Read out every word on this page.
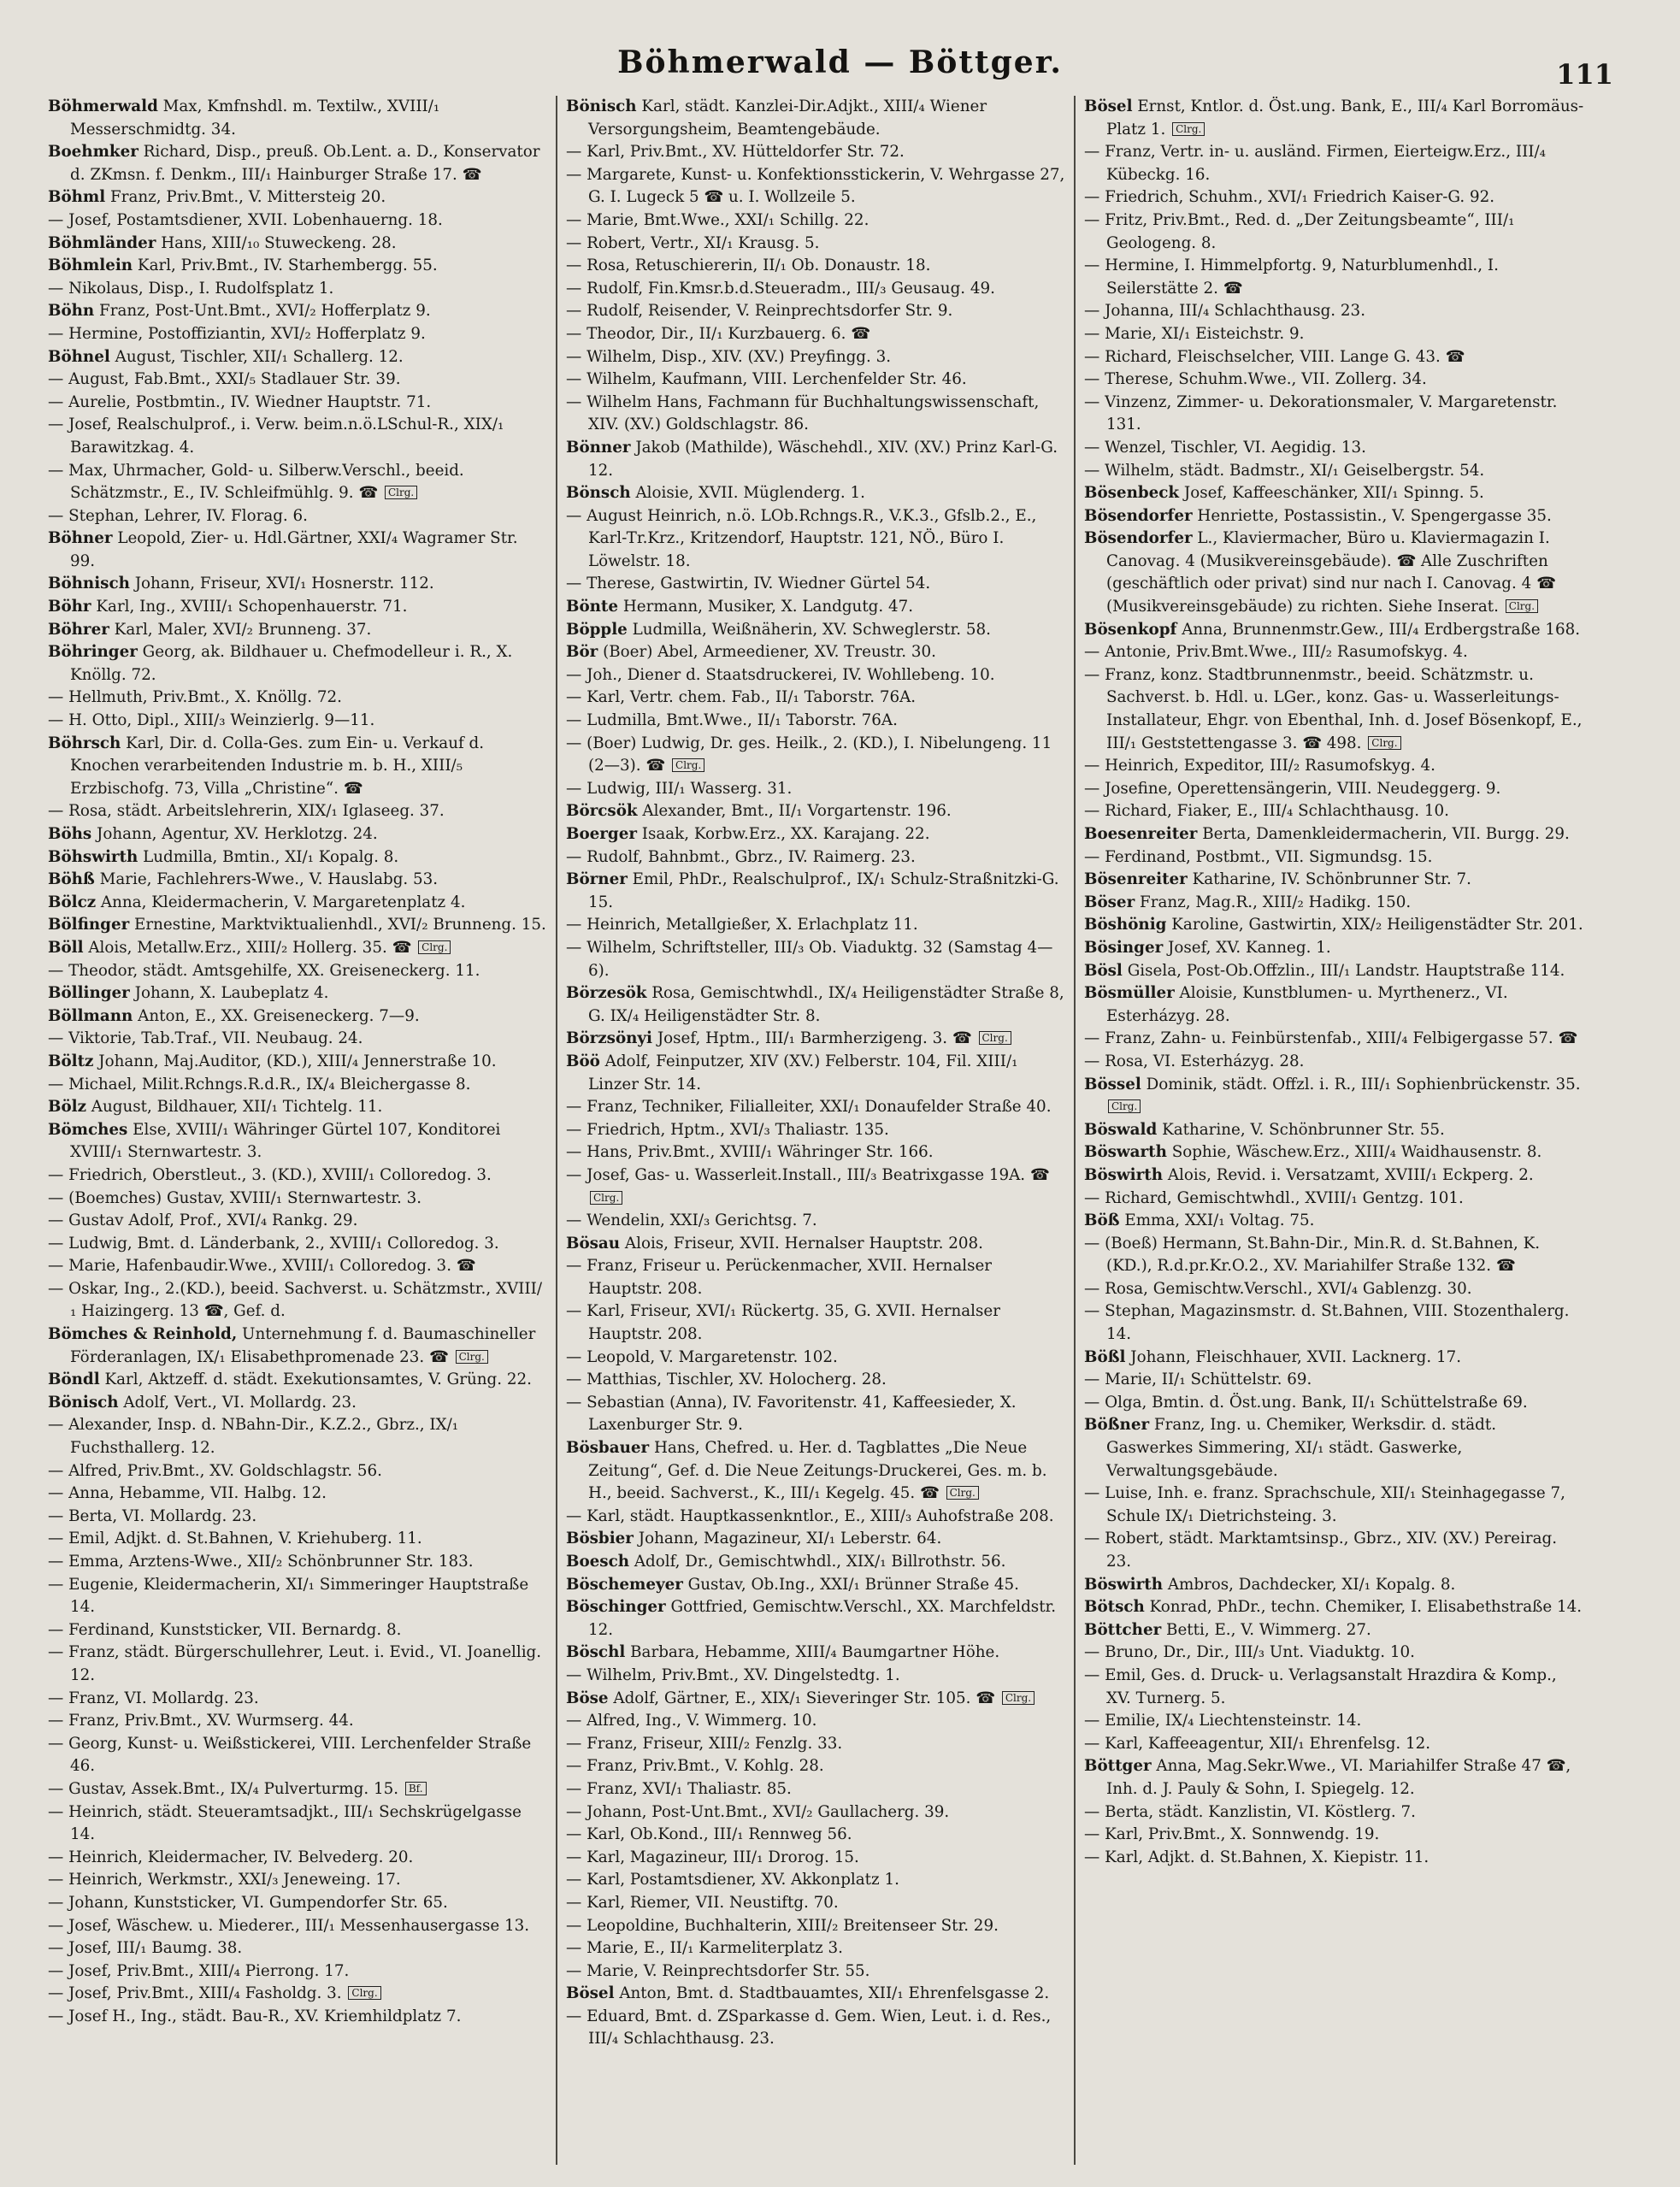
Böhmerwald — Böttger.	111

Böhmerwald Max, Kmfnshdl. m. Textilw., XVIII/₁ Messerschmidtg. 34.

Boehmker Richard, Disp., preuß. Ob.Lent. a. D., Konservator d. ZKmsn. f. Denkm., III/₁ Hainburger Straße 17. ☎

Böhml Franz, Priv.Bmt., V. Mittersteig 20.

— Josef, Postamtsdiener, XVII. Lobenhauerng. 18.

Böhmländer Hans, XIII/₁₀ Stuweckeng. 28.

Böhmlein Karl, Priv.Bmt., IV. Starhembergg. 55.

— Nikolaus, Disp., I. Rudolfsplatz 1.

Böhn Franz, Post-Unt.Bmt., XVI/₂ Hofferplatz 9.

— Hermine, Postoffiziantin, XVI/₂ Hofferplatz 9.

Böhnel August, Tischler, XII/₁ Schallerg. 12.

— August, Fab.Bmt., XXI/₅ Stadlauer Str. 39.

— Aurelie, Postbmtin., IV. Wiedner Hauptstr. 71.

— Josef, Realschulprof., i. Verw. beim.n.ö.LSchul-R., XIX/₁ Barawitzkag. 4.

— Max, Uhrmacher, Gold- u. Silberw.Verschl., beeid. Schätzmstr., E., IV. Schleifmühlg. 9. ☎ Clrg.

— Stephan, Lehrer, IV. Florag. 6.

Böhner Leopold, Zier- u. Hdl.Gärtner, XXI/₄ Wagramer Str. 99.

Böhnisch Johann, Friseur, XVI/₁ Hosnerstr. 112.

Böhr Karl, Ing., XVIII/₁ Schopenhauerstr. 71.

Böhrer Karl, Maler, XVI/₂ Brunneng. 37.

Böhringer Georg, ak. Bildhauer u. Chefmodelleur i. R., X. Knöllg. 72.

— Hellmuth, Priv.Bmt., X. Knöllg. 72.

— H. Otto, Dipl., XIII/₃ Weinzierlg. 9—11.

Böhrsch Karl, Dir. d. Colla-Ges. zum Ein- u. Verkauf d. Knochen verarbeitenden Industrie m. b. H., XIII/₅ Erzbischofg. 73, Villa „Christine“. ☎

— Rosa, städt. Arbeitslehrerin, XIX/₁ Iglaseeg. 37.

Böhs Johann, Agentur, XV. Herklotzg. 24.

Böhswirth Ludmilla, Bmtin., XI/₁ Kopalg. 8.

Böhß Marie, Fachlehrers-Wwe., V. Hauslabg. 53.

Bölcz Anna, Kleidermacherin, V. Margaretenplatz 4.

Bölfinger Ernestine, Marktviktualienhdl., XVI/₂ Brunneng. 15.

Böll Alois, Metallw.Erz., XIII/₂ Hollerg. 35. ☎ Clrg.

— Theodor, städt. Amtsgehilfe, XX. Greiseneckerg. 11.

Böllinger Johann, X. Laubeplatz 4.

Böllmann Anton, E., XX. Greiseneckerg. 7—9.

— Viktorie, Tab.Traf., VII. Neubaug. 24.

Böltz Johann, Maj.Auditor, (KD.), XIII/₄ Jennerstraße 10.

— Michael, Milit.Rchngs.R.d.R., IX/₄ Bleichergasse 8.

Bölz August, Bildhauer, XII/₁ Tichtelg. 11.

Bömches Else, XVIII/₁ Währinger Gürtel 107, Konditorei XVIII/₁ Sternwartestr. 3.

— Friedrich, Oberstleut., 3. (KD.), XVIII/₁ Colloredog. 3.

— (Boemches) Gustav, XVIII/₁ Sternwartestr. 3.

— Gustav Adolf, Prof., XVI/₄ Rankg. 29.

— Ludwig, Bmt. d. Länderbank, 2., XVIII/₁ Colloredog. 3.

— Marie, Hafenbaudir.Wwe., XVIII/₁ Colloredog. 3. ☎

— Oskar, Ing., 2.(KD.), beeid. Sachverst. u. Schätzmstr., XVIII/₁ Haizingerg. 13 ☎, Gef. d.

Bömches & Reinhold, Unternehmung f. d. Baumaschineller Förderanlagen, IX/₁ Elisabethpromenade 23. ☎ Clrg.

Böndl Karl, Aktzeff. d. städt. Exekutionsamtes, V. Grüng. 22.

Bönisch Adolf, Vert., VI. Mollardg. 23.

— Alexander, Insp. d. NBahn-Dir., K.Z.2., Gbrz., IX/₁ Fuchsthallerg. 12.

— Alfred, Priv.Bmt., XV. Goldschlagstr. 56.

— Anna, Hebamme, VII. Halbg. 12.

— Berta, VI. Mollardg. 23.

— Emil, Adjkt. d. St.Bahnen, V. Kriehuberg. 11.

— Emma, Arztens-Wwe., XII/₂ Schönbrunner Str. 183.

— Eugenie, Kleidermacherin, XI/₁ Simmeringer Hauptstraße 14.

— Ferdinand, Kunststicker, VII. Bernardg. 8.

— Franz, städt. Bürgerschullehrer, Leut. i. Evid., VI. Joanellig. 12.

— Franz, VI. Mollardg. 23.

— Franz, Priv.Bmt., XV. Wurmserg. 44.

— Georg, Kunst- u. Weißstickerei, VIII. Lerchenfelder Straße 46.

— Gustav, Assek.Bmt., IX/₄ Pulverturmg. 15. Bf.

— Heinrich, städt. Steueramtsadjkt., III/₁ Sechskrügelgasse 14.

— Heinrich, Kleidermacher, IV. Belvederg. 20.

— Heinrich, Werkmstr., XXI/₃ Jeneweing. 17.

— Johann, Kunststicker, VI. Gumpendorfer Str. 65.

— Josef, Wäschew. u. Miederer., III/₁ Messenhausergasse 13.

— Josef, III/₁ Baumg. 38.

— Josef, Priv.Bmt., XIII/₄ Pierrong. 17.

— Josef, Priv.Bmt., XIII/₄ Fasholdg. 3. Clrg.

— Josef H., Ing., städt. Bau-R., XV. Kriemhildplatz 7.

Bönisch Karl, städt. Kanzlei-Dir.Adjkt., XIII/₄ Wiener Versorgungsheim, Beamtengebäude.

— Karl, Priv.Bmt., XV. Hütteldorfer Str. 72.

— Margarete, Kunst- u. Konfektionsstickerin, V. Wehrgasse 27, G. I. Lugeck 5 ☎ u. I. Wollzeile 5.

— Marie, Bmt.Wwe., XXI/₁ Schillg. 22.

— Robert, Vertr., XI/₁ Krausg. 5.

— Rosa, Retuschiererin, II/₁ Ob. Donaustr. 18.

— Rudolf, Fin.Kmsr.b.d.Steueradm., III/₃ Geusaug. 49.

— Rudolf, Reisender, V. Reinprechtsdorfer Str. 9.

— Theodor, Dir., II/₁ Kurzbauerg. 6. ☎

— Wilhelm, Disp., XIV. (XV.) Preyfingg. 3.

— Wilhelm, Kaufmann, VIII. Lerchenfelder Str. 46.

— Wilhelm Hans, Fachmann für Buchhaltungswissenschaft, XIV. (XV.) Goldschlagstr. 86.

Bönner Jakob (Mathilde), Wäschehdl., XIV. (XV.) Prinz Karl-G. 12.

Bönsch Aloisie, XVII. Müglenderg. 1.

— August Heinrich, n.ö. LOb.Rchngs.R., V.K.3., Gfslb.2., E., Karl-Tr.Krz., Kritzendorf, Hauptstr. 121, NÖ., Büro I. Löwelstr. 18.

— Therese, Gastwirtin, IV. Wiedner Gürtel 54.

Bönte Hermann, Musiker, X. Landgutg. 47.

Böpple Ludmilla, Weißnäherin, XV. Schweglerstr. 58.

Bör (Boer) Abel, Armeediener, XV. Treustr. 30.

— Joh., Diener d. Staatsdruckerei, IV. Wohllebeng. 10.

— Karl, Vertr. chem. Fab., II/₁ Taborstr. 76A.

— Ludmilla, Bmt.Wwe., II/₁ Taborstr. 76A.

— (Boer) Ludwig, Dr. ges. Heilk., 2. (KD.), I. Nibelungeng. 11 (2—3). ☎ Clrg.

— Ludwig, III/₁ Wasserg. 31.

Börcsök Alexander, Bmt., II/₁ Vorgartenstr. 196.

Boerger Isaak, Korbw.Erz., XX. Karajang. 22.

— Rudolf, Bahnbmt., Gbrz., IV. Raimerg. 23.

Börner Emil, PhDr., Realschulprof., IX/₁ Schulz-Straßnitzki-G. 15.

— Heinrich, Metallgießer, X. Erlachplatz 11.

— Wilhelm, Schriftsteller, III/₃ Ob. Viaduktg. 32 (Samstag 4—6).

Börzesök Rosa, Gemischtwhdl., IX/₄ Heiligenstädter Straße 8, G. IX/₄ Heiligenstädter Str. 8.

Börzsönyi Josef, Hptm., III/₁ Barmherzigeng. 3. ☎ Clrg.

Böö Adolf, Feinputzer, XIV (XV.) Felberstr. 104, Fil. XIII/₁ Linzer Str. 14.

— Franz, Techniker, Filialleiter, XXI/₁ Donaufelder Straße 40.

— Friedrich, Hptm., XVI/₃ Thaliastr. 135.

— Hans, Priv.Bmt., XVIII/₁ Währinger Str. 166.

— Josef, Gas- u. Wasserleit.Install., III/₃ Beatrixgasse 19A. ☎ Clrg.

— Wendelin, XXI/₃ Gerichtsg. 7.

Bösau Alois, Friseur, XVII. Hernalser Hauptstr. 208.

— Franz, Friseur u. Perückenmacher, XVII. Hernalser Hauptstr. 208.

— Karl, Friseur, XVI/₁ Rückertg. 35, G. XVII. Hernalser Hauptstr. 208.

— Leopold, V. Margaretenstr. 102.

— Matthias, Tischler, XV. Holocherg. 28.

— Sebastian (Anna), IV. Favoritenstr. 41, Kaffeesieder, X. Laxenburger Str. 9.

Bösbauer Hans, Chefred. u. Her. d. Tagblattes „Die Neue Zeitung“, Gef. d. Die Neue Zeitungs-Druckerei, Ges. m. b. H., beeid. Sachverst., K., III/₁ Kegelg. 45. ☎ Clrg.

— Karl, städt. Hauptkassenkntlor., E., XIII/₃ Auhofstraße 208.

Bösbier Johann, Magazineur, XI/₁ Leberstr. 64.

Boesch Adolf, Dr., Gemischtwhdl., XIX/₁ Billrothstr. 56.

Böschemeyer Gustav, Ob.Ing., XXI/₁ Brünner Straße 45.

Böschinger Gottfried, Gemischtw.Verschl., XX. Marchfeldstr. 12.

Böschl Barbara, Hebamme, XIII/₄ Baumgartner Höhe.

— Wilhelm, Priv.Bmt., XV. Dingelstedtg. 1.

Böse Adolf, Gärtner, E., XIX/₁ Sieveringer Str. 105. ☎ Clrg.

— Alfred, Ing., V. Wimmerg. 10.

— Franz, Friseur, XIII/₂ Fenzlg. 33.

— Franz, Priv.Bmt., V. Kohlg. 28.

— Franz, XVI/₁ Thaliastr. 85.

— Johann, Post-Unt.Bmt., XVI/₂ Gaullacherg. 39.

— Karl, Ob.Kond., III/₁ Rennweg 56.

— Karl, Magazineur, III/₁ Drorog. 15.

— Karl, Postamtsdiener, XV. Akkonplatz 1.

— Karl, Riemer, VII. Neustiftg. 70.

— Leopoldine, Buchhalterin, XIII/₂ Breitenseer Str. 29.

— Marie, E., II/₁ Karmeliterplatz 3.

— Marie, V. Reinprechtsdorfer Str. 55.

Bösel Anton, Bmt. d. Stadtbauamtes, XII/₁ Ehrenfelsgasse 2.

— Eduard, Bmt. d. ZSparkasse d. Gem. Wien, Leut. i. d. Res., III/₄ Schlachthausg. 23.

Bösel Ernst, Kntlor. d. Öst.ung. Bank, E., III/₄ Karl Borromäus-Platz 1. Clrg.

— Franz, Vertr. in- u. ausländ. Firmen, Eierteigw.Erz., III/₄ Kübeckg. 16.

— Friedrich, Schuhm., XVI/₁ Friedrich Kaiser-G. 92.

— Fritz, Priv.Bmt., Red. d. „Der Zeitungsbeamte“, III/₁ Geologeng. 8.

— Hermine, I. Himmelpfortg. 9, Naturblumenhdl., I. Seilerstätte 2. ☎

— Johanna, III/₄ Schlachthausg. 23.

— Marie, XI/₁ Eisteichstr. 9.

— Richard, Fleischselcher, VIII. Lange G. 43. ☎

— Therese, Schuhm.Wwe., VII. Zollerg. 34.

— Vinzenz, Zimmer- u. Dekorationsmaler, V. Margaretenstr. 131.

— Wenzel, Tischler, VI. Aegidig. 13.

— Wilhelm, städt. Badmstr., XI/₁ Geiselbergstr. 54.

Bösenbeck Josef, Kaffeeschänker, XII/₁ Spinng. 5.

Bösendorfer Henriette, Postassistin., V. Spengergasse 35.

Bösendorfer L., Klaviermacher, Büro u. Klaviermagazin I. Canovag. 4 (Musikvereinsgebäude). ☎ Alle Zuschriften (geschäftlich oder privat) sind nur nach I. Canovag. 4 ☎ (Musikvereinsgebäude) zu richten. Siehe Inserat. Clrg.

Bösenkopf Anna, Brunnenmstr.Gew., III/₄ Erdbergstraße 168.

— Antonie, Priv.Bmt.Wwe., III/₂ Rasumofskyg. 4.

— Franz, konz. Stadtbrunnenmstr., beeid. Schätzmstr. u. Sachverst. b. Hdl. u. LGer., konz. Gas- u. Wasserleitungs-Installateur, Ehgr. von Ebenthal, Inh. d. Josef Bösenkopf, E., III/₁ Geststettengasse 3. ☎ 498. Clrg.

— Heinrich, Expeditor, III/₂ Rasumofskyg. 4.

— Josefine, Operettensängerin, VIII. Neudeggerg. 9.

— Richard, Fiaker, E., III/₄ Schlachthausg. 10.

Boesenreiter Berta, Damenkleidermacherin, VII. Burgg. 29.

— Ferdinand, Postbmt., VII. Sigmundsg. 15.

Bösenreiter Katharine, IV. Schönbrunner Str. 7.

Böser Franz, Mag.R., XIII/₂ Hadikg. 150.

Böshönig Karoline, Gastwirtin, XIX/₂ Heiligenstädter Str. 201.

Bösinger Josef, XV. Kanneg. 1.

Bösl Gisela, Post-Ob.Offzlin., III/₁ Landstr. Hauptstraße 114.

Bösmüller Aloisie, Kunstblumen- u. Myrthenerz., VI. Esterházyg. 28.

— Franz, Zahn- u. Feinbürstenfab., XIII/₄ Felbigergasse 57. ☎

— Rosa, VI. Esterházyg. 28.

Bössel Dominik, städt. Offzl. i. R., III/₁ Sophienbrückenstr. 35. Clrg.

Böswald Katharine, V. Schönbrunner Str. 55.

Böswarth Sophie, Wäschew.Erz., XIII/₄ Waidhausenstr. 8.

Böswirth Alois, Revid. i. Versatzamt, XVIII/₁ Eckperg. 2.

— Richard, Gemischtwhdl., XVIII/₁ Gentzg. 101.

Böß Emma, XXI/₁ Voltag. 75.

— (Boeß) Hermann, St.Bahn-Dir., Min.R. d. St.Bahnen, K. (KD.), R.d.pr.Kr.O.2., XV. Mariahilfer Straße 132. ☎

— Rosa, Gemischtw.Verschl., XVI/₄ Gablenzg. 30.

— Stephan, Magazinsmstr. d. St.Bahnen, VIII. Stozenthalerg. 14.

Bößl Johann, Fleischhauer, XVII. Lacknerg. 17.

— Marie, II/₁ Schüttelstr. 69.

— Olga, Bmtin. d. Öst.ung. Bank, II/₁ Schüttelstraße 69.

Bößner Franz, Ing. u. Chemiker, Werksdir. d. städt. Gaswerkes Simmering, XI/₁ städt. Gaswerke, Verwaltungsgebäude.

— Luise, Inh. e. franz. Sprachschule, XII/₁ Steinhagegasse 7, Schule IX/₁ Dietrichsteing. 3.

— Robert, städt. Marktamtsinsp., Gbrz., XIV. (XV.) Pereirag. 23.

Böswirth Ambros, Dachdecker, XI/₁ Kopalg. 8.

Bötsch Konrad, PhDr., techn. Chemiker, I. Elisabethstraße 14.

Böttcher Betti, E., V. Wimmerg. 27.

— Bruno, Dr., Dir., III/₃ Unt. Viaduktg. 10.

— Emil, Ges. d. Druck- u. Verlagsanstalt Hrazdira & Komp., XV. Turnerg. 5.

— Emilie, IX/₄ Liechtensteinstr. 14.

— Karl, Kaffeeagentur, XII/₁ Ehrenfelsg. 12.

Böttger Anna, Mag.Sekr.Wwe., VI. Mariahilfer Straße 47 ☎, Inh. d. J. Pauly & Sohn, I. Spiegelg. 12.

— Berta, städt. Kanzlistin, VI. Köstlerg. 7.

— Karl, Priv.Bmt., X. Sonnwendg. 19.

— Karl, Adjkt. d. St.Bahnen, X. Kiepistr. 11.
